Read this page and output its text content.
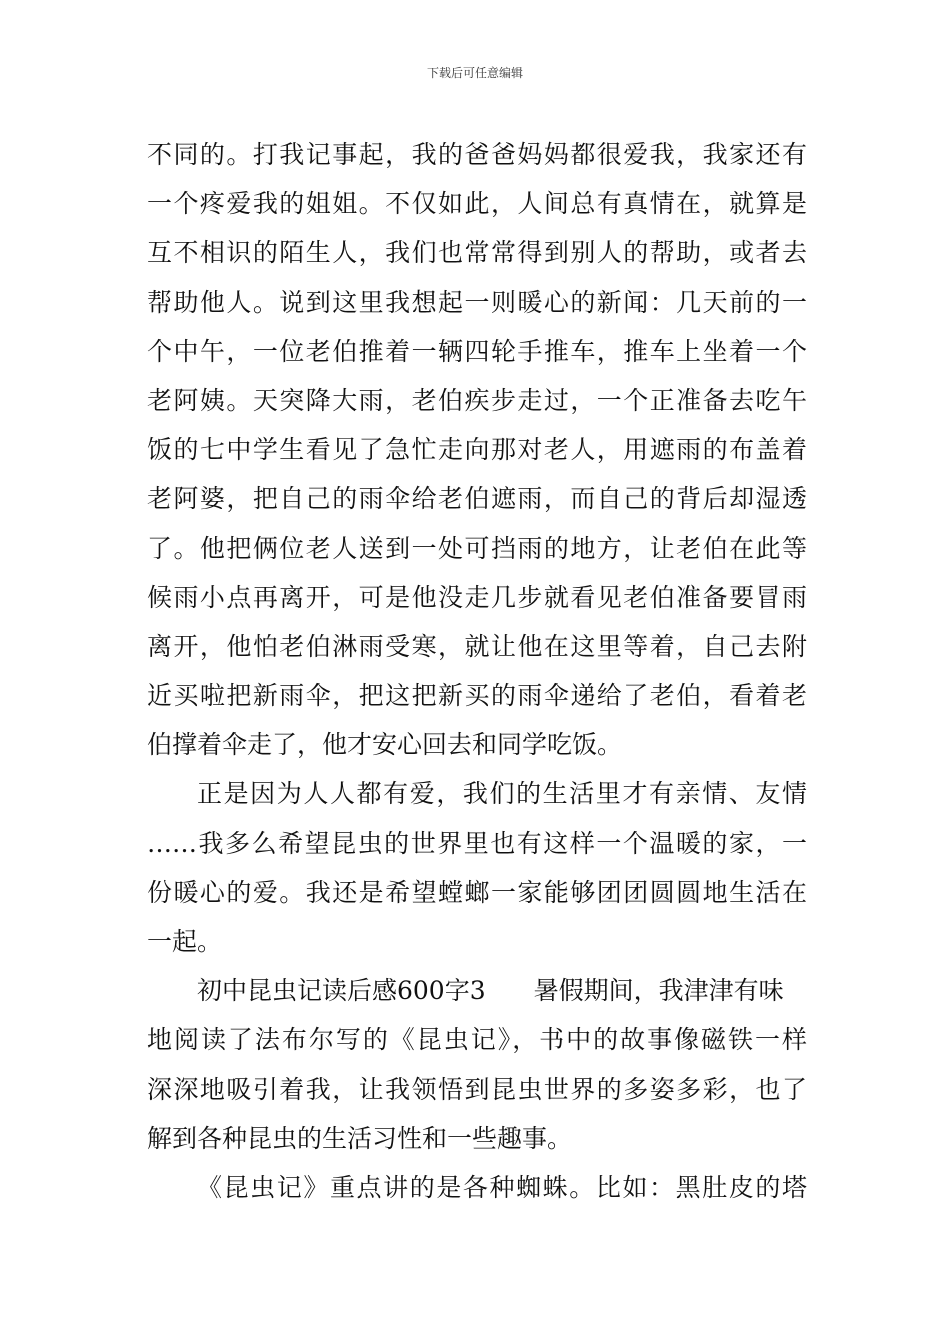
下载后可任意编辑
不同的。打我记事起，我的爸爸妈妈都很爱我，我家还有
一个疼爱我的姐姐。不仅如此，人间总有真情在，就算是
互不相识的陌生人，我们也常常得到别人的帮助，或者去
帮助他人。说到这里我想起一则暖心的新闻：几天前的一
个中午，一位老伯推着一辆四轮手推车，推车上坐着一个
老阿姨。天突降大雨，老伯疾步走过，一个正准备去吃午
饭的七中学生看见了急忙走向那对老人，用遮雨的布盖着
老阿婆，把自己的雨伞给老伯遮雨，而自己的背后却湿透
了。他把俩位老人送到一处可挡雨的地方，让老伯在此等
候雨小点再离开，可是他没走几步就看见老伯准备要冒雨
离开，他怕老伯淋雨受寒，就让他在这里等着，自己去附
近买啦把新雨伞，把这把新买的雨伞递给了老伯，看着老
伯撑着伞走了，他才安心回去和同学吃饭。
正是因为人人都有爱，我们的生活里才有亲情、友情
……我多么希望昆虫的世界里也有这样一个温暖的家，一
份暖心的爱。我还是希望螳螂一家能够团团圆圆地生活在
一起。
初中昆虫记读后感600字3 暑假期间，我津津有味
地阅读了法布尔写的《昆虫记》，书中的故事像磁铁一样
深深地吸引着我，让我领悟到昆虫世界的多姿多彩，也了
解到各种昆虫的生活习性和一些趣事。
《昆虫记》重点讲的是各种蜘蛛。比如：黑肚皮的塔
